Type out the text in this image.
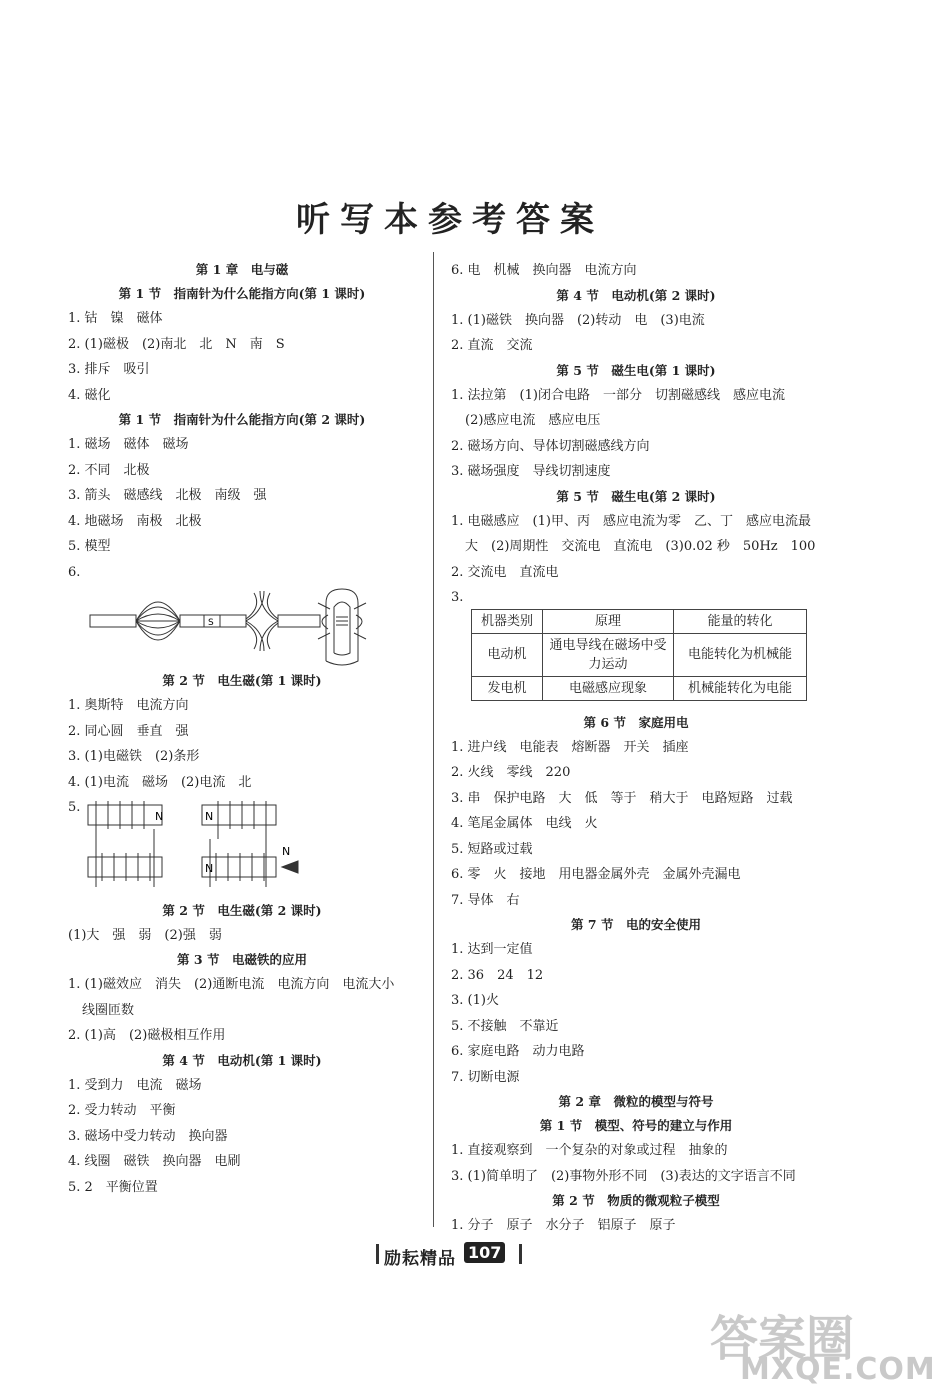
听写本参考答案
第 1 章　电与磁
第 1 节　指南针为什么能指方向(第 1 课时)
1. 钴　镍　磁体
2. (1)磁极　(2)南北　北　N　南　S
3. 排斥　吸引
4. 磁化
第 1 节　指南针为什么能指方向(第 2 课时)
1. 磁场　磁体　磁场
2. 不同　北极
3. 箭头　磁感线　北极　南级　强
4. 地磁场　南极　北极
5. 模型
6.
S
第 2 节　电生磁(第 1 课时)
1. 奥斯特　电流方向
2. 同心圆　垂直　强
3. (1)电磁铁　(2)条形
4. (1)电流　磁场　(2)电流　北
5.
N	N
N
N
第 2 节　电生磁(第 2 课时)
(1)大　强　弱　(2)强　弱
第 3 节　电磁铁的应用
1. (1)磁效应　消失　(2)通断电流　电流方向　电流大小
线圈匝数
2. (1)高　(2)磁极相互作用
第 4 节　电动机(第 1 课时)
1. 受到力　电流　磁场
2. 受力转动　平衡
3. 磁场中受力转动　换向器
4. 线圈　磁铁　换向器　电刷
5. 2　平衡位置
6. 电　机械　换向器　电流方向
第 4 节　电动机(第 2 课时)
1. (1)磁铁　换向器　(2)转动　电　(3)电流
2. 直流　交流
第 5 节　磁生电(第 1 课时)
1. 法拉第　(1)闭合电路　一部分　切割磁感线　感应电流
(2)感应电流　感应电压
2. 磁场方向、导体切割磁感线方向
3. 磁场强度　导线切割速度
第 5 节　磁生电(第 2 课时)
1. 电磁感应　(1)甲、丙　感应电流为零　乙、丁　感应电流最
大　(2)周期性　交流电　直流电　(3)0.02 秒　50Hz　100
2. 交流电　直流电
3.
机器类别	原理	能量的转化
电动机	通电导线在磁场中受力运动	电能转化为机械能
发电机	电磁感应现象	机械能转化为电能
第 6 节　家庭用电
1. 进户线　电能表　熔断器　开关　插座
2. 火线　零线　220
3. 串　保护电路　大　低　等于　稍大于　电路短路　过载
4. 笔尾金属体　电线　火
5. 短路或过载
6. 零　火　接地　用电器金属外壳　金属外壳漏电
7. 导体　右
第 7 节　电的安全使用
1. 达到一定值
2. 36　24　12
3. (1)火
5. 不接触　不靠近
6. 家庭电路　动力电路
7. 切断电源
第 2 章　微粒的模型与符号
第 1 节　模型、符号的建立与作用
1. 直接观察到　一个复杂的对象或过程　抽象的
3. (1)简单明了　(2)事物外形不同　(3)表达的文字语言不同
第 2 节　物质的微观粒子模型
1. 分子　原子　水分子　铝原子　原子
励耘精品 107
答案圈
MXQE.COM
